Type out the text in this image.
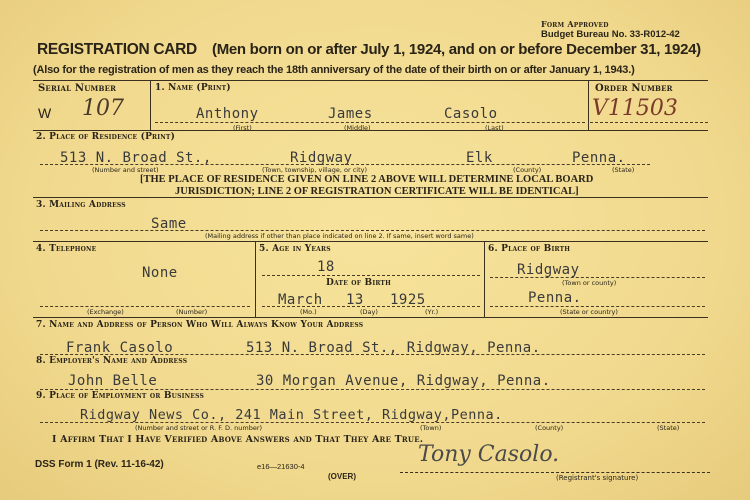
Form Approved
Budget Bureau No. 33-R012-42
REGISTRATION CARD (Men born on or after July 1, 1924, and on or before December 31, 1924)
(Also for the registration of men as they reach the 18th anniversary of the date of their birth on or after January 1, 1943.)
Serial Number
W 107
1. Name (Print)
Anthony	James	Casolo
(First)	(Middle)	(Last)
Order Number
V11503
2. Place of Residence (Print)
513 N. Broad St.,	Ridgway	Elk	Penna.
(Number and street)	(Town, township, village, or city)	(County)	(State)
[THE PLACE OF RESIDENCE GIVEN ON LINE 2 ABOVE WILL DETERMINE LOCAL BOARD
JURISDICTION; LINE 2 OF REGISTRATION CERTIFICATE WILL BE IDENTICAL]
3. Mailing Address
Same
(Mailing address if other than place indicated on line 2. If same, insert word same)
4. Telephone
None
(Exchange)	(Number)
5. Age in Years
18
Date of Birth
March 13 1925
(Mo.)	(Day)	(Yr.)
6. Place of Birth
Ridgway
(Town or county)
Penna.
(State or country)
7. Name and Address of Person Who Will Always Know Your Address
Frank Casolo	513 N. Broad St., Ridgway, Penna.
8. Employer's Name and Address
John Belle	30 Morgan Avenue, Ridgway, Penna.
9. Place of Employment or Business
Ridgway News Co., 241 Main Street, Ridgway,Penna.
(Number and street or R. F. D. number)	(Town)	(County)	(State)
I Affirm That I Have Verified Above Answers and That They Are True.
DSS Form 1 (Rev. 11-16-42)	e16—21630-4
(OVER)
Tony Casolo.
(Registrant's signature)
